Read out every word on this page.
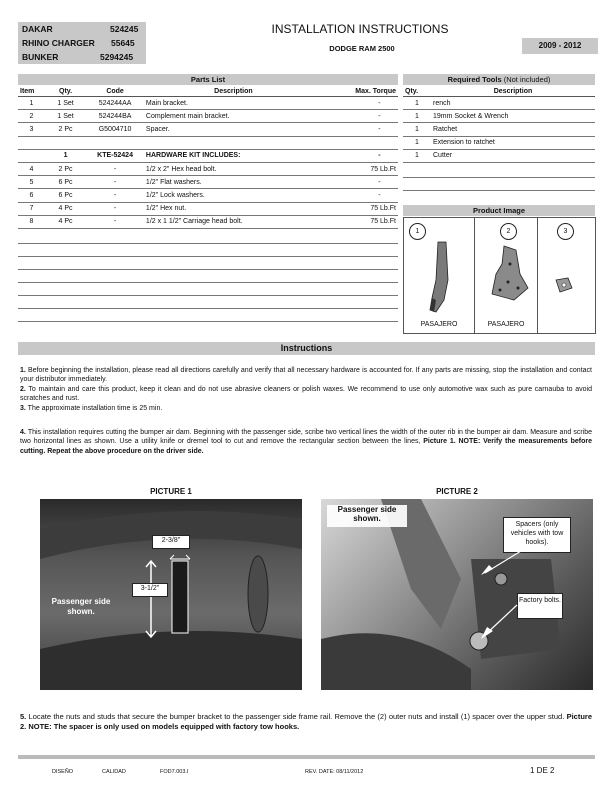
DAKAR	524245
RHINO CHARGER 55645
BUNKER	5294245
INSTALLATION INSTRUCTIONS
DODGE RAM 2500	2009 - 2012
Parts List
Item	Qty.	Code	Description	Max. Torque
1	1 Set	524244AA	Main bracket.	-
2	1 Set	524244BA	Complement main bracket.	-
3	2 Pc	G5004710	Spacer.	-

	1	KTE-52424	HARDWARE KIT INCLUDES:	-
4	2 Pc	-	1/2 x 2" Hex head bolt.	75 Lb.Ft
5	6 Pc	-	1/2" Flat washers.	-
6	6 Pc	-	1/2" Lock washers.	-
7	4 Pc	-	1/2" Hex nut.	75 Lb.Ft
8	4 Pc	-	1/2 x 1 1/2" Carriage head bolt.	75 Lb.Ft
Required Tools (Not included)
Qty.	Description
1	rench
1	19mm Socket & Wrench
1	Ratchet
1	Extension to ratchet
1	Cutter
Product Image
1	2	3
PASAJERO	PASAJERO
Instructions
1. Before beginning the installation, please read all directions carefully and verify that all necessary hardware is accounted for. If any parts are missing, stop the installation and contact your distributor immediately.
2. To maintain and care this product, keep it clean and do not use abrasive cleaners or polish waxes. We recommend to use only automotive wax such as pure carnauba to avoid scratches and rust.
3. The approximate installation time is 25 min.
4. This installation requires cutting the bumper air dam. Beginning with the passenger side, scribe two vertical lines the width of the outer rib in the bumper air dam. Measure and scribe two horizontal lines as shown. Use a utility knife or dremel tool to cut and remove the rectangular section between the lines, Picture 1. NOTE: Verify the measurements before cutting. Repeat the above procedure on the driver side.
PICTURE 1
2-3/8"
3-1/2"
Passenger side shown.
PICTURE 2
Spacers (only vehicles with tow hooks).
Factory bolts.
Passenger side shown.
5. Locate the nuts and studs that secure the bumper bracket to the passenger side frame rail. Remove the (2) outer nuts and install (1) spacer over the upper stud. Picture 2. NOTE: The spacer is only used on models equipped with factory tow hooks.
DISEÑO	CALIDAD	FOD7.003.I	REV. DATE: 08/11/2012	1 DE 2
